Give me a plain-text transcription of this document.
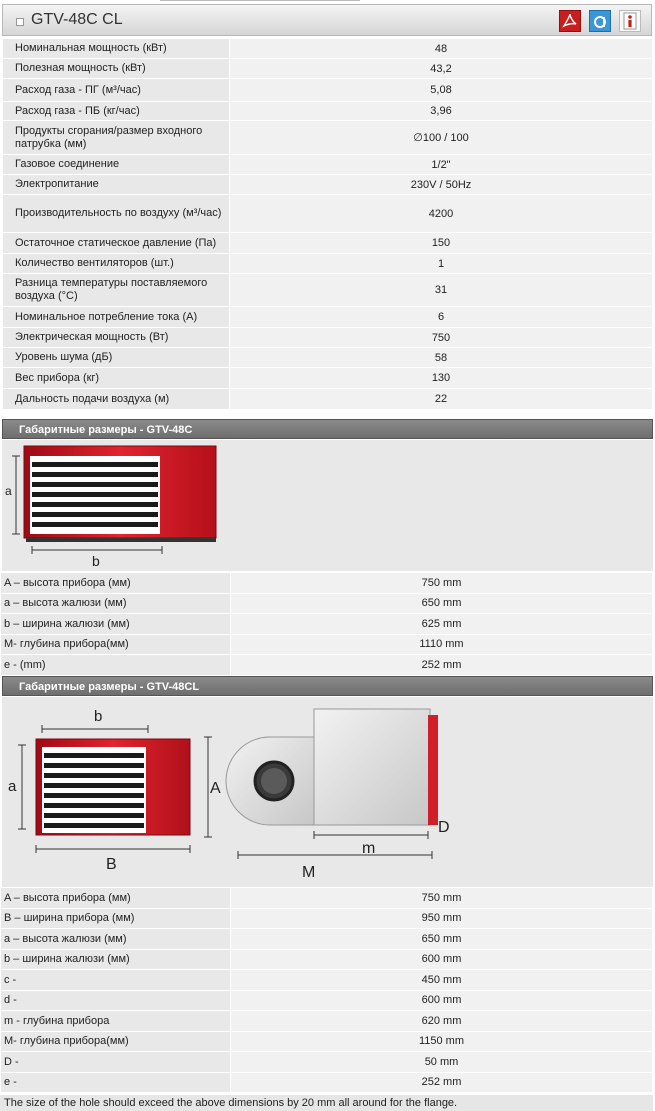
GTV-48C CL
Номинальная мощность (кВт)	48
Полезная мощность (кВт)	43,2
Расход газа - ПГ (м³/час)	5,08
Расход газа - ПБ (кг/час)	3,96
Продукты сгорания/размер входного патрубка (мм)	∅100 / 100
Газовое соединение	1/2"
Электропитание	230V / 50Hz
Производительность по воздуху (м³/час)	4200
Остаточное статическое давление (Па)	150
Количество вентиляторов (шт.)	1
Разница температуры поставляемого воздуха (°С)	31
Номинальное потребление тока (А)	6
Электрическая мощность (Вт)	750
Уровень шума (дБ)	58
Вес прибора (кг)	130
Дальность подачи воздуха (м)	22
Габаритные размеры - GTV-48C
a
b
A – высота прибора (мм)	750 mm
a – высота жалюзи (мм)	650 mm
b – ширина жалюзи (мм)	625 mm
M- глубина прибора(мм)	1110 mm
e - (mm)	252 mm
Габаритные размеры - GTV-48CL
b
a	A
B
m
D
M
A – высота прибора (мм)	750 mm
B – ширина прибора (мм)	950 mm
a – высота жалюзи (мм)	650 mm
b – ширина жалюзи (мм)	600 mm
c -	450 mm
d -	600 mm
m - глубина прибора	620 mm
M- глубина прибора(мм)	1150 mm
D -	50 mm
e -	252 mm
The size of the hole should exceed the above dimensions by 20 mm all around for the flange.
